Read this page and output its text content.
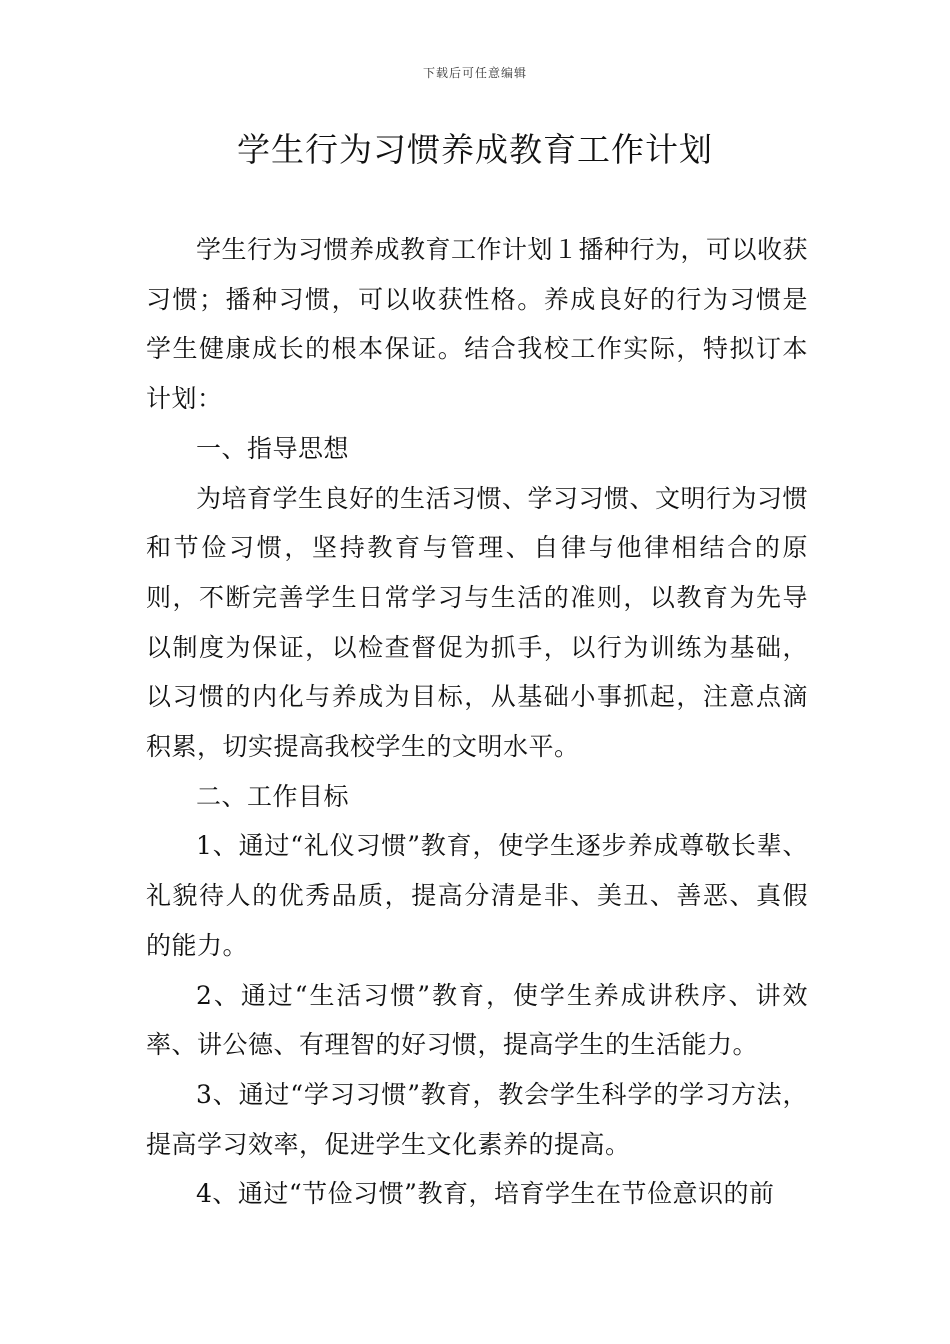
下载后可任意编辑
学生行为习惯养成教育工作计划

学生行为习惯养成教育工作计划１播种行为，可以收获习惯；播种习惯，可以收获性格。养成良好的行为习惯是学生健康成长的根本保证。结合我校工作实际，特拟订本计划：

一、指导思想

为培育学生良好的生活习惯、学习习惯、文明行为习惯和节俭习惯，坚持教育与管理、自律与他律相结合的原则，不断完善学生日常学习与生活的准则，以教育为先导以制度为保证，以检查督促为抓手，以行为训练为基础，以习惯的内化与养成为目标，从基础小事抓起，注意点滴积累，切实提高我校学生的文明水平。

二、工作目标

1、通过“礼仪习惯”教育，使学生逐步养成尊敬长辈、礼貌待人的优秀品质，提高分清是非、美丑、善恶、真假的能力。

2、通过“生活习惯”教育，使学生养成讲秩序、讲效率、讲公德、有理智的好习惯，提高学生的生活能力。

3、通过“学习习惯”教育，教会学生科学的学习方法，提高学习效率，促进学生文化素养的提高。

4、通过“节俭习惯”教育，培育学生在节俭意识的前
